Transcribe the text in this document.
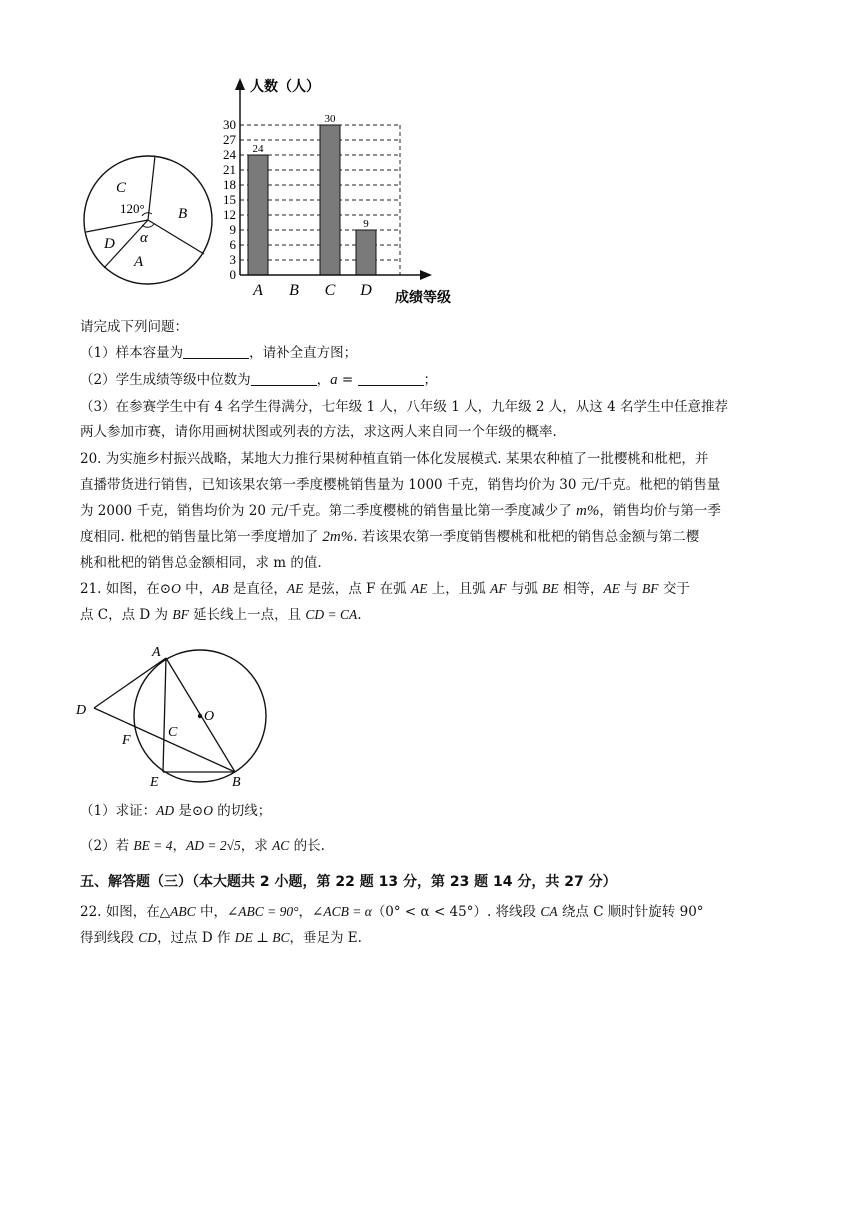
C
B
D
A
120°
α
0
3
6
9
12
15
18
21
24
27
30
24
A B
30
C
9
D
人数（人）
成绩等级
请完成下列问题：
（1）样本容量为	，请补全直方图；
（2）学生成绩等级中位数为	，a =	；
（3）在参赛学生中有 4 名学生得满分，七年级 1 人，八年级 1 人，九年级 2 人，从这 4 名学生中任意推荐
两人参加市赛，请你用画树状图或列表的方法，求这两人来自同一个年级的概率.
20. 为实施乡村振兴战略，某地大力推行果树种植直销一体化发展模式. 某果农种植了一批樱桃和枇杷，并
直播带货进行销售，已知该果农第一季度樱桃销售量为 1000 千克，销售均价为 30 元/千克。枇杷的销售量
为 2000 千克，销售均价为 20 元/千克。第二季度樱桃的销售量比第一季度减少了 m%，销售均价与第一季
度相同. 枇杷的销售量比第一季度增加了 2m%. 若该果农第一季度销售樱桃和枇杷的销售总金额与第二樱
桃和枇杷的销售总金额相同，求 m 的值.
21. 如图，在⊙O 中，AB 是直径，AE 是弦，点 F 在弧 AE 上，且弧 AF 与弧 BE 相等，AE 与 BF 交于
点 C，点 D 为 BF 延长线上一点，且 CD = CA.
A
D	O
C
F
E	B
（1）求证：AD 是⊙O 的切线；
（2）若 BE = 4，AD = 2√5，求 AC 的长.
五、解答题（三）（本大题共 2 小题，第 22 题 13 分，第 23 题 14 分，共 27 分）
22. 如图，在△ABC 中，∠ABC = 90°，∠ACB = α（0° < α < 45°）. 将线段 CA 绕点 C 顺时针旋转 90°
得到线段 CD，过点 D 作 DE ⊥ BC，垂足为 E.
